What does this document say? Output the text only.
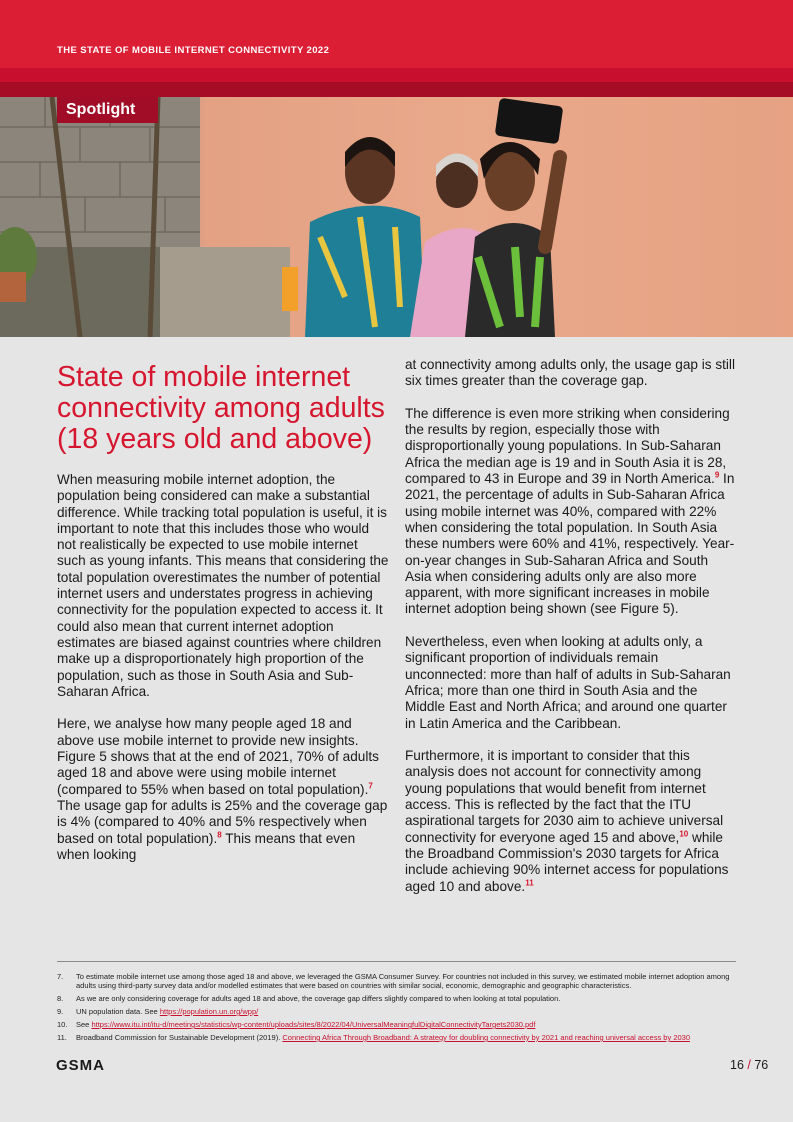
THE STATE OF MOBILE INTERNET CONNECTIVITY 2022
Spotlight
State of mobile internet connectivity among adults (18 years old and above)

When measuring mobile internet adoption, the population being considered can make a substantial difference. While tracking total population is useful, it is important to note that this includes those who would not realistically be expected to use mobile internet such as young infants. This means that considering the total population overestimates the number of potential internet users and understates progress in achieving connectivity for the population expected to access it. It could also mean that current internet adoption estimates are biased against countries where children make up a disproportionately high proportion of the population, such as those in South Asia and Sub-Saharan Africa.

Here, we analyse how many people aged 18 and above use mobile internet to provide new insights. Figure 5 shows that at the end of 2021, 70% of adults aged 18 and above were using mobile internet (compared to 55% when based on total population).$^7$ The usage gap for adults is 25% and the coverage gap is 4% (compared to 40% and 5% respectively when based on total population).$^8$ This means that even when looking

at connectivity among adults only, the usage gap is still six times greater than the coverage gap.

The difference is even more striking when considering the results by region, especially those with disproportionally young populations. In Sub-Saharan Africa the median age is 19 and in South Asia it is 28, compared to 43 in Europe and 39 in North America.$^9$ In 2021, the percentage of adults in Sub-Saharan Africa using mobile internet was 40%, compared with 22% when considering the total population. In South Asia these numbers were 60% and 41%, respectively. Year-on-year changes in Sub-Saharan Africa and South Asia when considering adults only are also more apparent, with more significant increases in mobile internet adoption being shown (see Figure 5).

Nevertheless, even when looking at adults only, a significant proportion of individuals remain unconnected: more than half of adults in Sub-Saharan Africa; more than one third in South Asia and the Middle East and North Africa; and around one quarter in Latin America and the Caribbean.

Furthermore, it is important to consider that this analysis does not account for connectivity among young populations that would benefit from internet access. This is reflected by the fact that the ITU aspirational targets for 2030 aim to achieve universal connectivity for everyone aged 15 and above,$^{10}$ while the Broadband Commission's 2030 targets for Africa include achieving 90% internet access for populations aged 10 and above.$^{11}$

7.	To estimate mobile internet use among those aged 18 and above, we leveraged the GSMA Consumer Survey. For countries not included in this survey, we estimated mobile internet adoption among adults using third-party survey data and/or modelled estimates that were based on countries with similar social, economic, demographic and geographic characteristics.
8.	As we are only considering coverage for adults aged 18 and above, the coverage gap differs slightly compared to when looking at total population.
9.	UN population data. See https://population.un.org/wpp/
10.	See https://www.itu.int/itu-d/meetings/statistics/wp-content/uploads/sites/8/2022/04/UniversalMeaningfulDigitalConnectivityTargets2030.pdf
11.	Broadband Commission for Sustainable Development (2019). Connecting Africa Through Broadband: A strategy for doubling connectivity by 2021 and reaching universal access by 2030
GSMA	16 / 76
